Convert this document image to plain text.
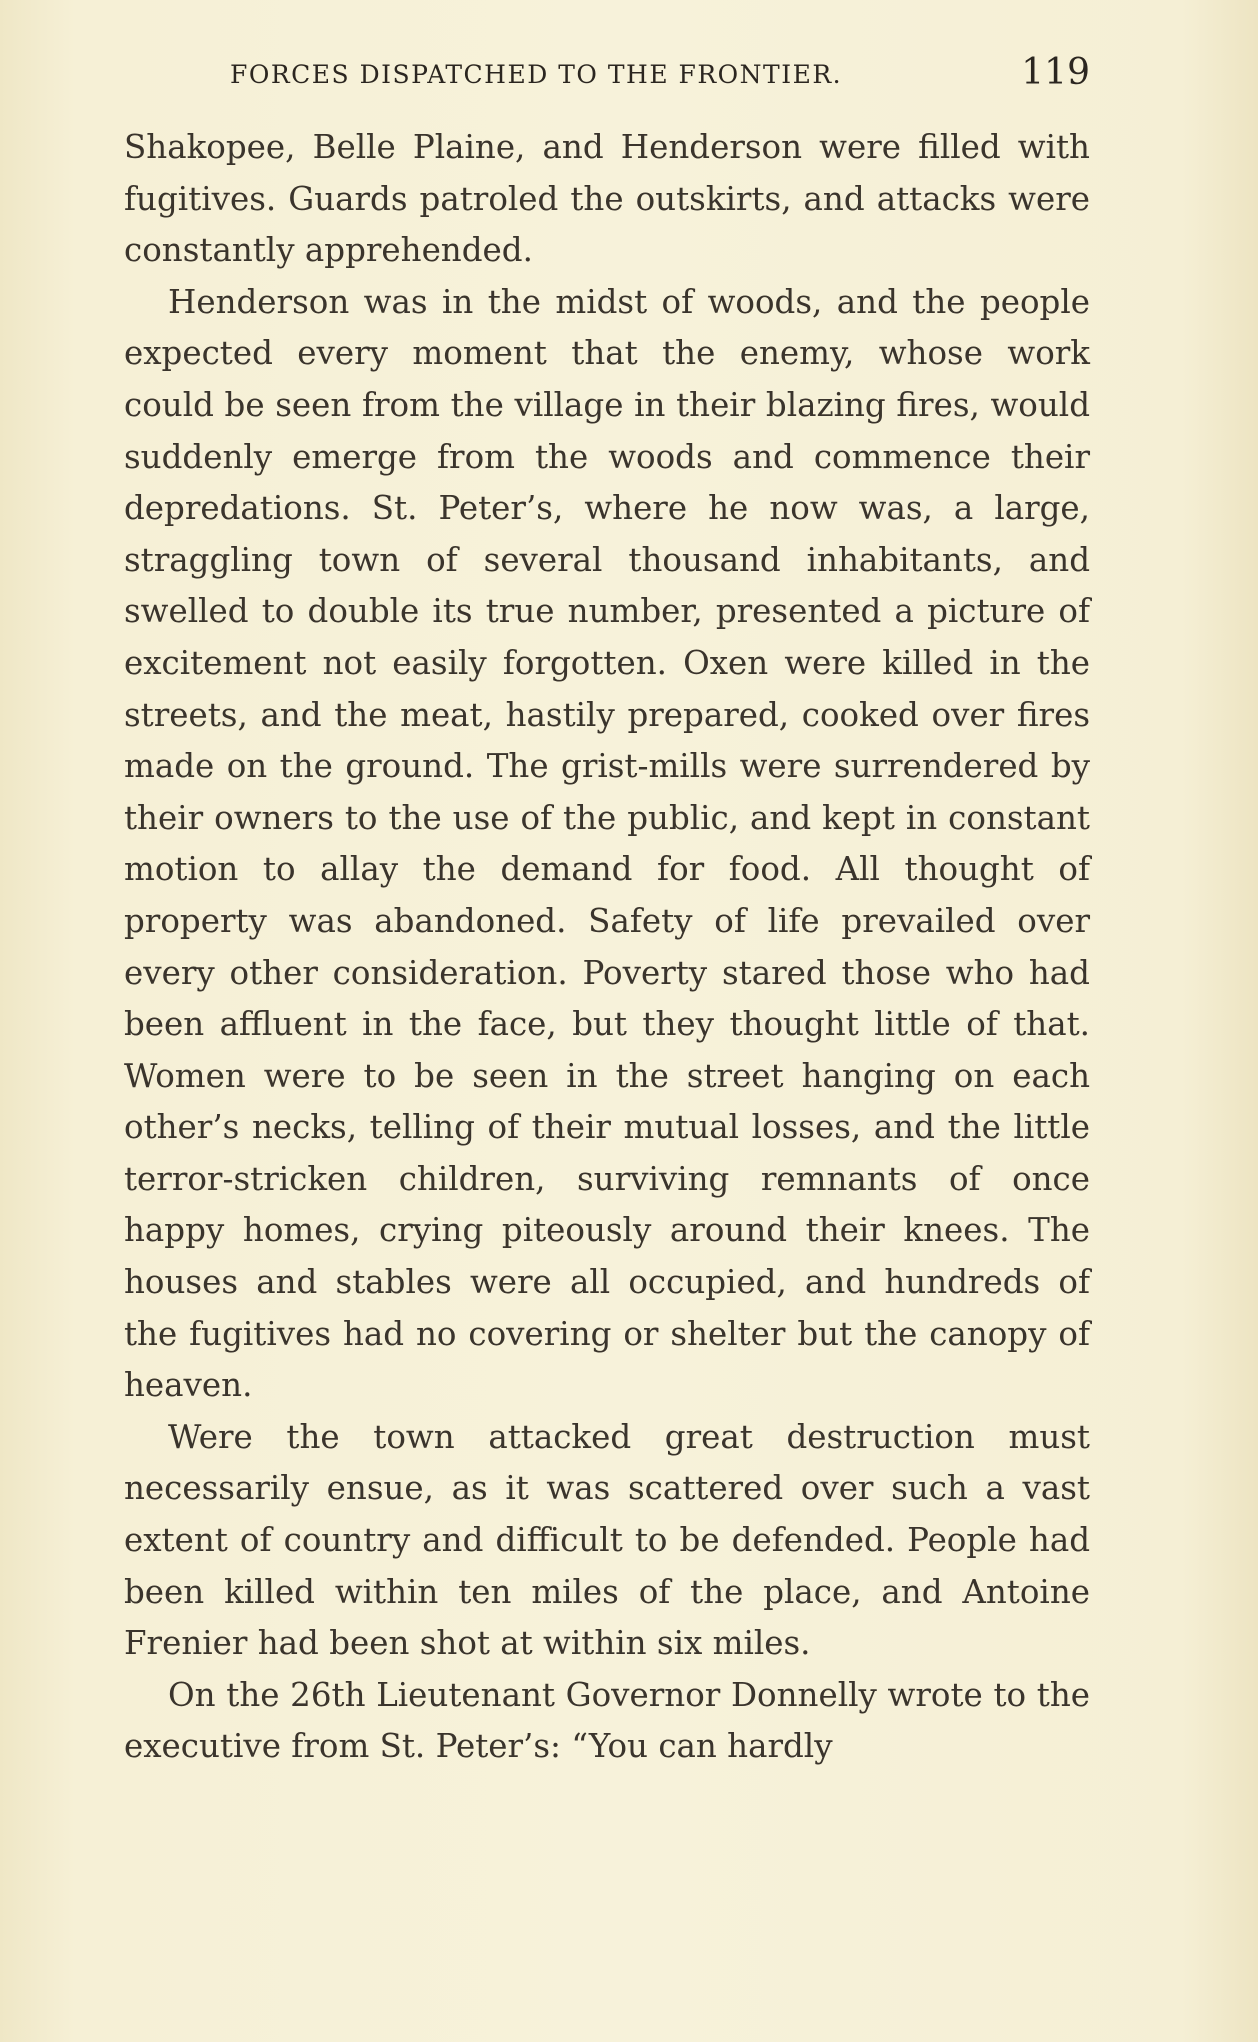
FORCES DISPATCHED TO THE FRONTIER.	119

Shakopee, Belle Plaine, and Henderson were filled with fugitives. Guards patroled the outskirts, and attacks were constantly apprehended.

Henderson was in the midst of woods, and the people expected every moment that the enemy, whose work could be seen from the village in their blazing fires, would suddenly emerge from the woods and commence their depredations. St. Peter’s, where he now was, a large, straggling town of several thousand inhabitants, and swelled to double its true number, presented a picture of excitement not easily forgotten. Oxen were killed in the streets, and the meat, hastily prepared, cooked over fires made on the ground. The grist-mills were surrendered by their owners to the use of the public, and kept in constant motion to allay the demand for food. All thought of property was abandoned. Safety of life prevailed over every other consideration. Poverty stared those who had been affluent in the face, but they thought little of that. Women were to be seen in the street hanging on each other’s necks, telling of their mutual losses, and the little terror-stricken children, surviving remnants of once happy homes, crying piteously around their knees. The houses and stables were all occupied, and hundreds of the fugitives had no covering or shelter but the canopy of heaven.

Were the town attacked great destruction must necessarily ensue, as it was scattered over such a vast extent of country and difficult to be defended. People had been killed within ten miles of the place, and Antoine Frenier had been shot at within six miles.

On the 26th Lieutenant Governor Donnelly wrote to the executive from St. Peter’s: “You can hardly
